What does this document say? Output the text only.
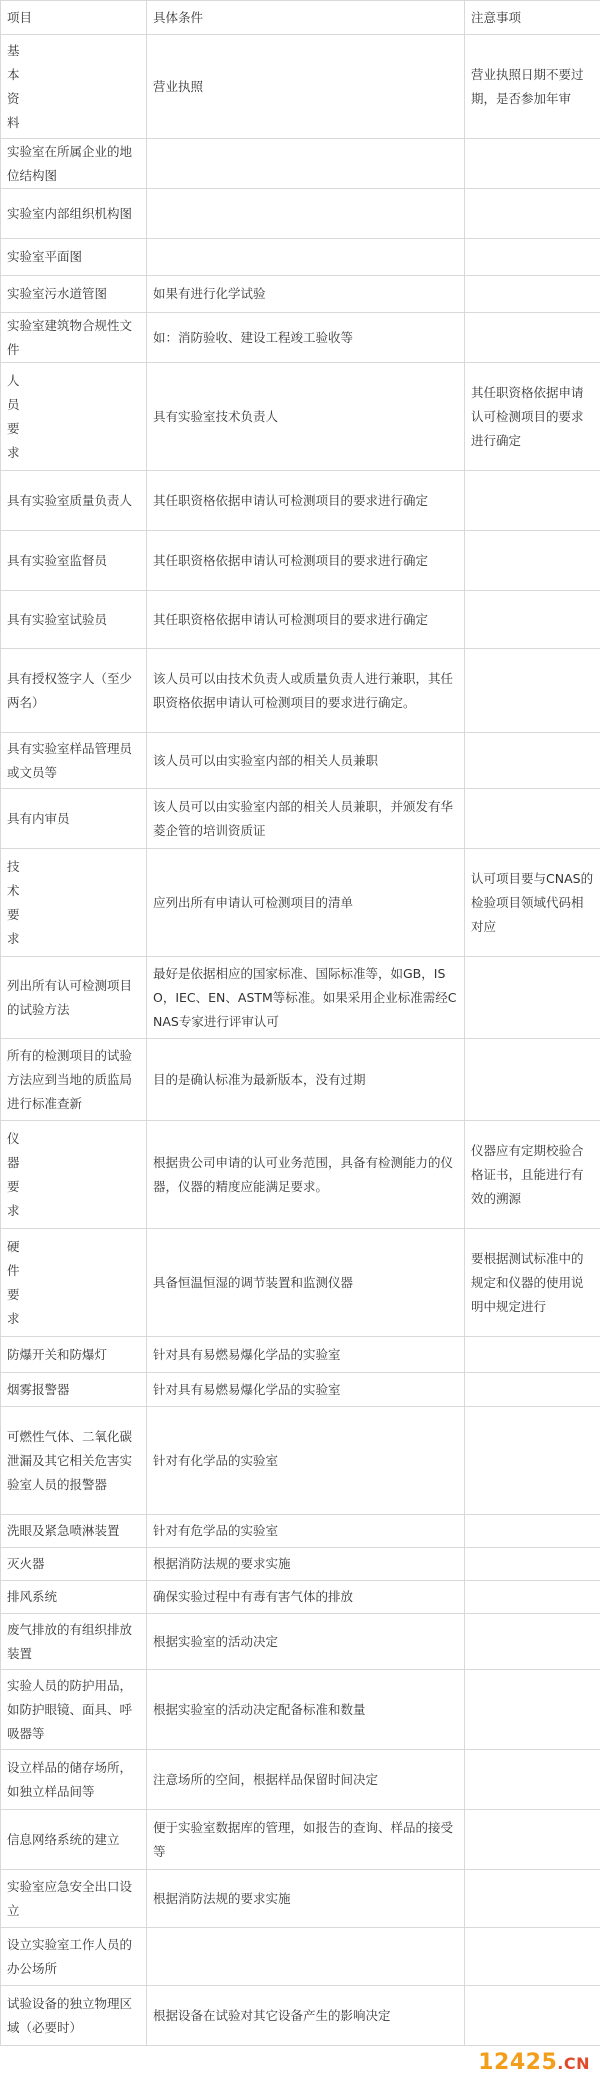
项目	具体条件	注意事项

基本资料	营业执照	营业执照日期不要过期，是否参加年审
实验室在所属企业的地位结构图		
实验室内部组织机构图		
实验室平面图		
实验室污水道管图	如果有进行化学试验	
实验室建筑物合规性文件	如：消防验收、建设工程竣工验收等	

人员要求	具有实验室技术负责人	其任职资格依据申请认可检测项目的要求进行确定
具有实验室质量负责人	其任职资格依据申请认可检测项目的要求进行确定	
具有实验室监督员	其任职资格依据申请认可检测项目的要求进行确定	
具有实验室试验员	其任职资格依据申请认可检测项目的要求进行确定	
具有授权签字人（至少两名）	该人员可以由技术负责人或质量负责人进行兼职，其任职资格依据申请认可检测项目的要求进行确定。	
具有实验室样品管理员或文员等	该人员可以由实验室内部的相关人员兼职	
具有内审员	该人员可以由实验室内部的相关人员兼职，并颁发有华菱企管的培训资质证	

技术要求	应列出所有申请认可检测项目的清单	认可项目要与CNAS的检验项目领域代码相对应
列出所有认可检测项目的试验方法	最好是依据相应的国家标准、国际标准等，如GB，ISO，IEC、EN、ASTM等标准。如果采用企业标准需经CNAS专家进行评审认可	
所有的检测项目的试验方法应到当地的质监局进行标准查新	目的是确认标准为最新版本，没有过期	

仪器要求	根据贵公司申请的认可业务范围，具备有检测能力的仪器，仪器的精度应能满足要求。	仪器应有定期校验合格证书，且能进行有效的溯源

硬件要求	具备恒温恒湿的调节装置和监测仪器	要根据测试标准中的规定和仪器的使用说明中规定进行
防爆开关和防爆灯	针对具有易燃易爆化学品的实验室	
烟雾报警器	针对具有易燃易爆化学品的实验室	
可燃性气体、二氧化碳泄漏及其它相关危害实验室人员的报警器	针对有化学品的实验室	
洗眼及紧急喷淋装置	针对有危学品的实验室	
灭火器	根据消防法规的要求实施	
排风系统	确保实验过程中有毒有害气体的排放	
废气排放的有组织排放装置	根据实验室的活动决定	
实验人员的防护用品，如防护眼镜、面具、呼吸器等	根据实验室的活动决定配备标准和数量	
设立样品的储存场所，如独立样品间等	注意场所的空间，根据样品保留时间决定	
信息网络系统的建立	便于实验室数据库的管理，如报告的查询、样品的接受等	
实验室应急安全出口设立	根据消防法规的要求实施	
设立实验室工作人员的办公场所		
试验设备的独立物理区域（必要时）	根据设备在试验对其它设备产生的影响决定	
12425.CN
